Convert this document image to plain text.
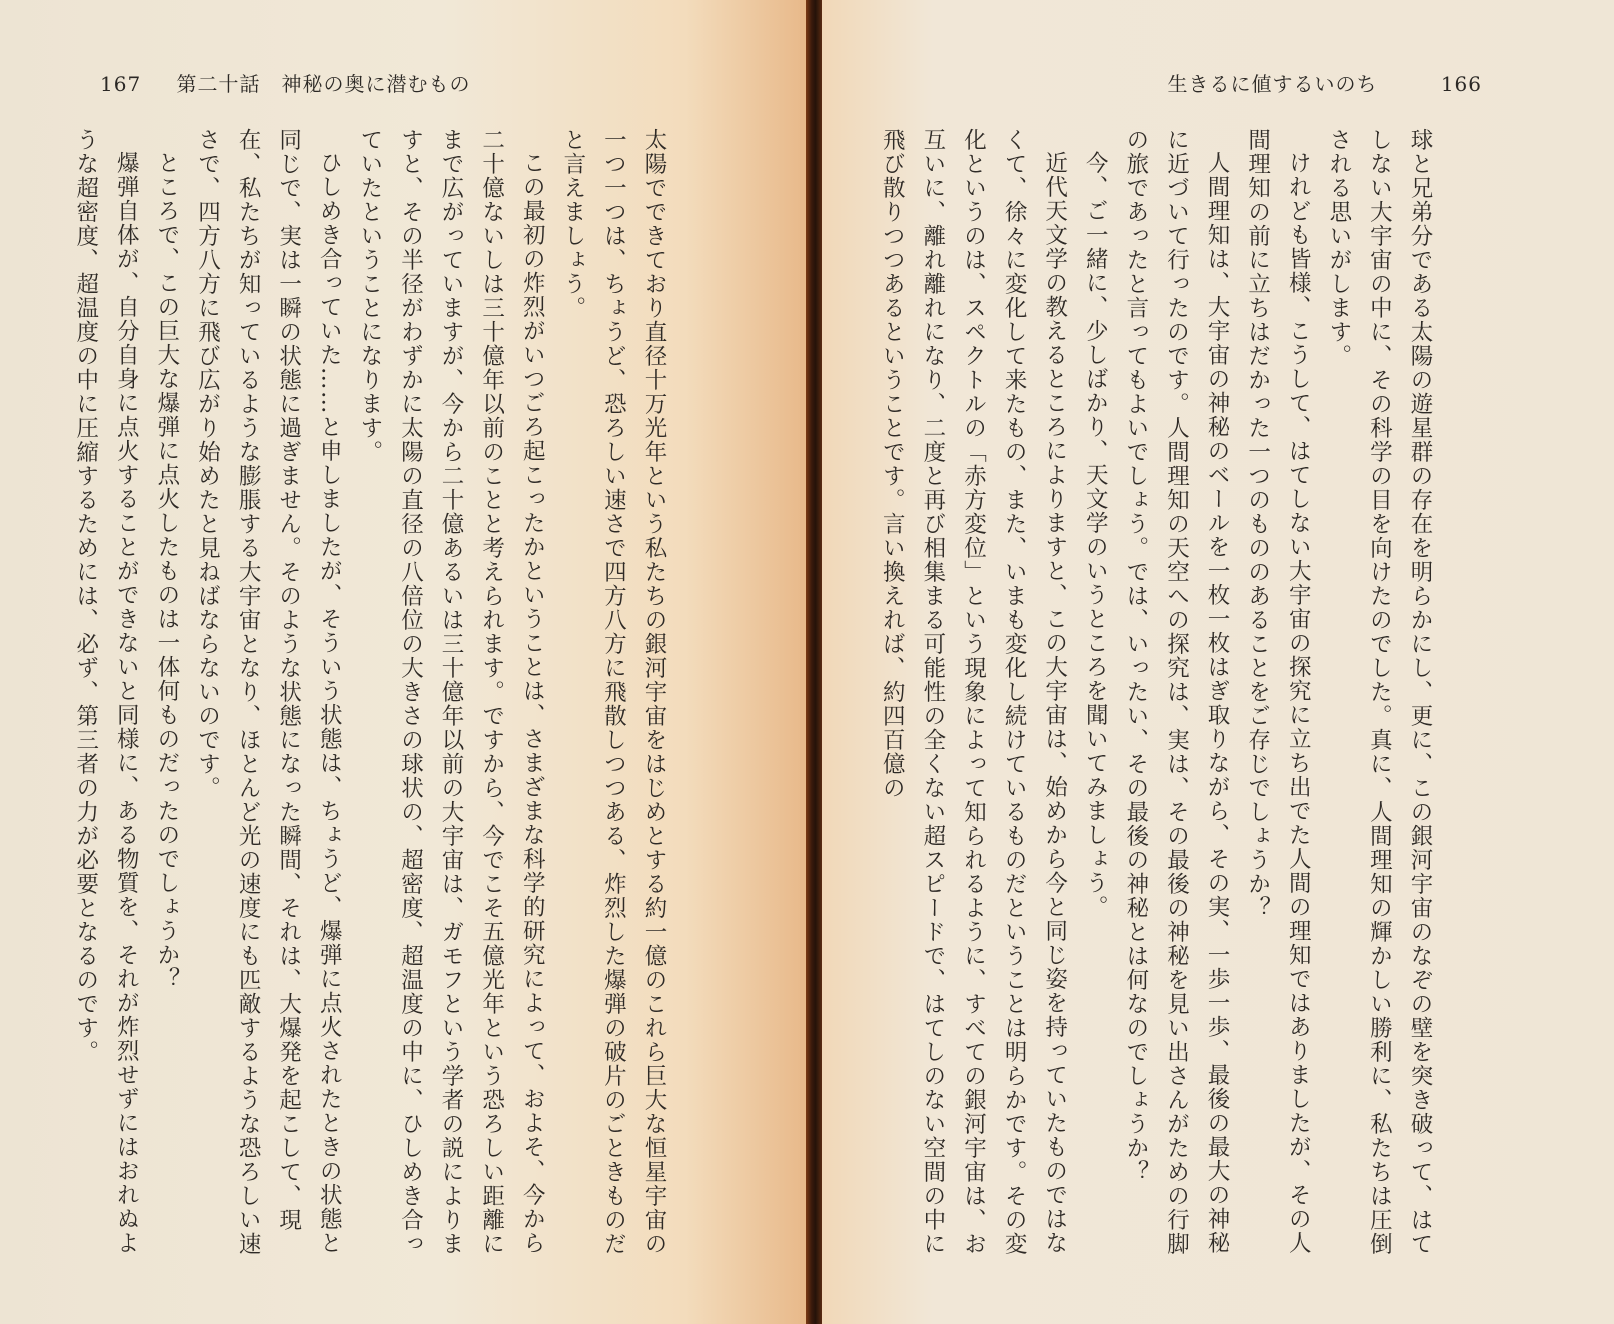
167 第二十話　神秘の奥に潜むもの

太陽でできており直径十万光年という私たちの銀河宇宙をはじめとする約一億のこれら巨大な恒星宇宙の一つ一つは、ちょうど、恐ろしい速さで四方八方に飛散しつつある、炸烈した爆弾の破片のごときものだと言えましょう。

この最初の炸烈がいつごろ起こったかということは、さまざまな科学的研究によって、およそ、今から二十億ないしは三十億年以前のことと考えられます。ですから、今でこそ五億光年という恐ろしい距離にまで広がっていますが、今から二十億あるいは三十億年以前の大宇宙は、ガモフという学者の説によりますと、その半径がわずかに太陽の直径の八倍位の大きさの球状の、超密度、超温度の中に、ひしめき合っていたということになります。

ひしめき合っていた……と申しましたが、そういう状態は、ちょうど、爆弾に点火されたときの状態と同じで、実は一瞬の状態に過ぎません。そのような状態になった瞬間、それは、大爆発を起こして、現在、私たちが知っているような膨脹する大宇宙となり、ほとんど光の速度にも匹敵するような恐ろしい速さで、四方八方に飛び広がり始めたと見ねばならないのです。

ところで、この巨大な爆弾に点火したものは一体何ものだったのでしょうか？

爆弾自体が、自分自身に点火することができないと同様に、ある物質を、それが炸烈せずにはおれぬような超密度、超温度の中に圧縮するためには、必ず、第三者の力が必要となるのです。

生きるに値するいのち	166

球と兄弟分である太陽の遊星群の存在を明らかにし、更に、この銀河宇宙のなぞの壁を突き破って、はてしない大宇宙の中に、その科学の目を向けたのでした。真に、人間理知の輝かしい勝利に、私たちは圧倒される思いがします。

けれども皆様、こうして、はてしない大宇宙の探究に立ち出でた人間の理知ではありましたが、その人間理知の前に立ちはだかった一つのもののあることをご存じでしょうか？

人間理知は、大宇宙の神秘のベールを一枚一枚はぎ取りながら、その実、一歩一歩、最後の最大の神秘に近づいて行ったのです。人間理知の天空への探究は、実は、その最後の神秘を見い出さんがための行脚の旅であったと言ってもよいでしょう。では、いったい、その最後の神秘とは何なのでしょうか？

今、ご一緒に、少しばかり、天文学のいうところを聞いてみましょう。

近代天文学の教えるところによりますと、この大宇宙は、始めから今と同じ姿を持っていたものではなくて、徐々に変化して来たもの、また、いまも変化し続けているものだということは明らかです。その変化というのは、スペクトルの「赤方変位」という現象によって知られるように、すべての銀河宇宙は、お互いに、離れ離れになり、二度と再び相集まる可能性の全くない超スピードで、はてしのない空間の中に飛び散りつつあるということです。言い換えれば、約四百億の
